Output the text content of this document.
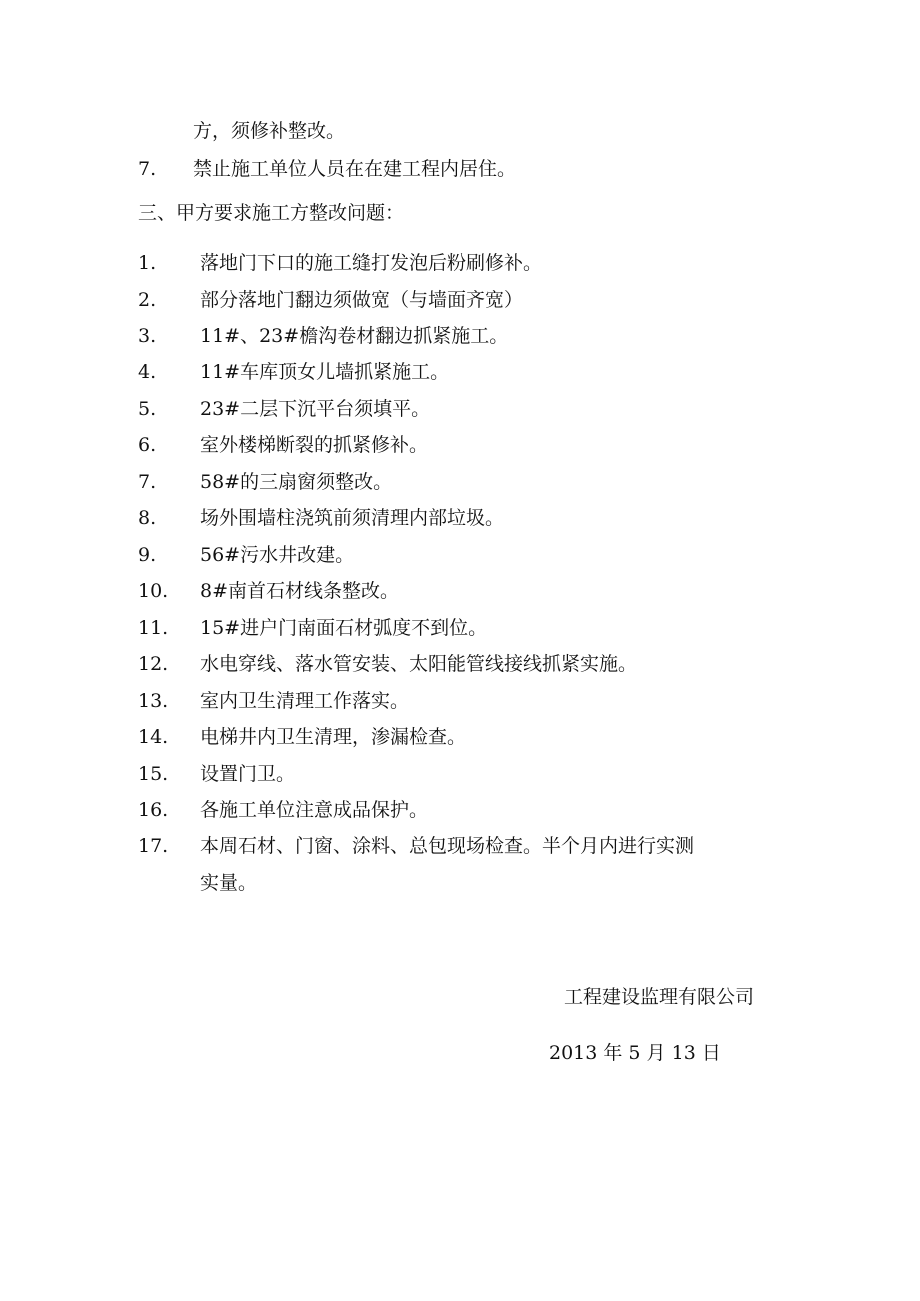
方，须修补整改。
7. 禁止施工单位人员在在建工程内居住。
三、甲方要求施工方整改问题：
1. 落地门下口的施工缝打发泡后粉刷修补。
2. 部分落地门翻边须做宽（与墙面齐宽）
3. 11#、23#檐沟卷材翻边抓紧施工。
4. 11#车库顶女儿墙抓紧施工。
5. 23#二层下沉平台须填平。
6. 室外楼梯断裂的抓紧修补。
7. 58#的三扇窗须整改。
8. 场外围墙柱浇筑前须清理内部垃圾。
9. 56#污水井改建。
10. 8#南首石材线条整改。
11. 15#进户门南面石材弧度不到位。
12. 水电穿线、落水管安装、太阳能管线接线抓紧实施。
13. 室内卫生清理工作落实。
14. 电梯井内卫生清理，渗漏检查。
15. 设置门卫。
16. 各施工单位注意成品保护。
17. 本周石材、门窗、涂料、总包现场检查。半个月内进行实测
实量。
工程建设监理有限公司
2013 年 5 月 13 日
